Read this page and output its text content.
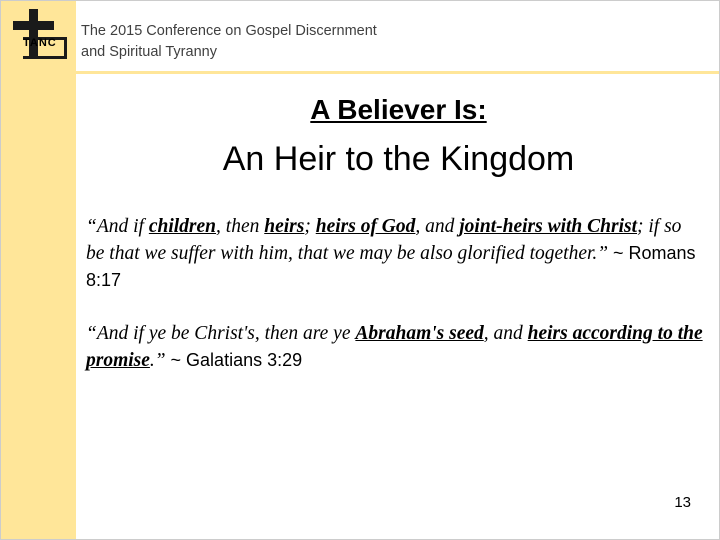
TANC
The 2015 Conference on Gospel Discernment
and Spiritual Tyranny
A Believer Is:
An Heir to the Kingdom
“And if children, then heirs; heirs of God, and joint-heirs with Christ; if so be that we suffer with him, that we may be also glorified together.” ~ Romans 8:17
“And if ye be Christ's, then are ye Abraham's seed, and heirs according to the promise.” ~ Galatians 3:29
13
